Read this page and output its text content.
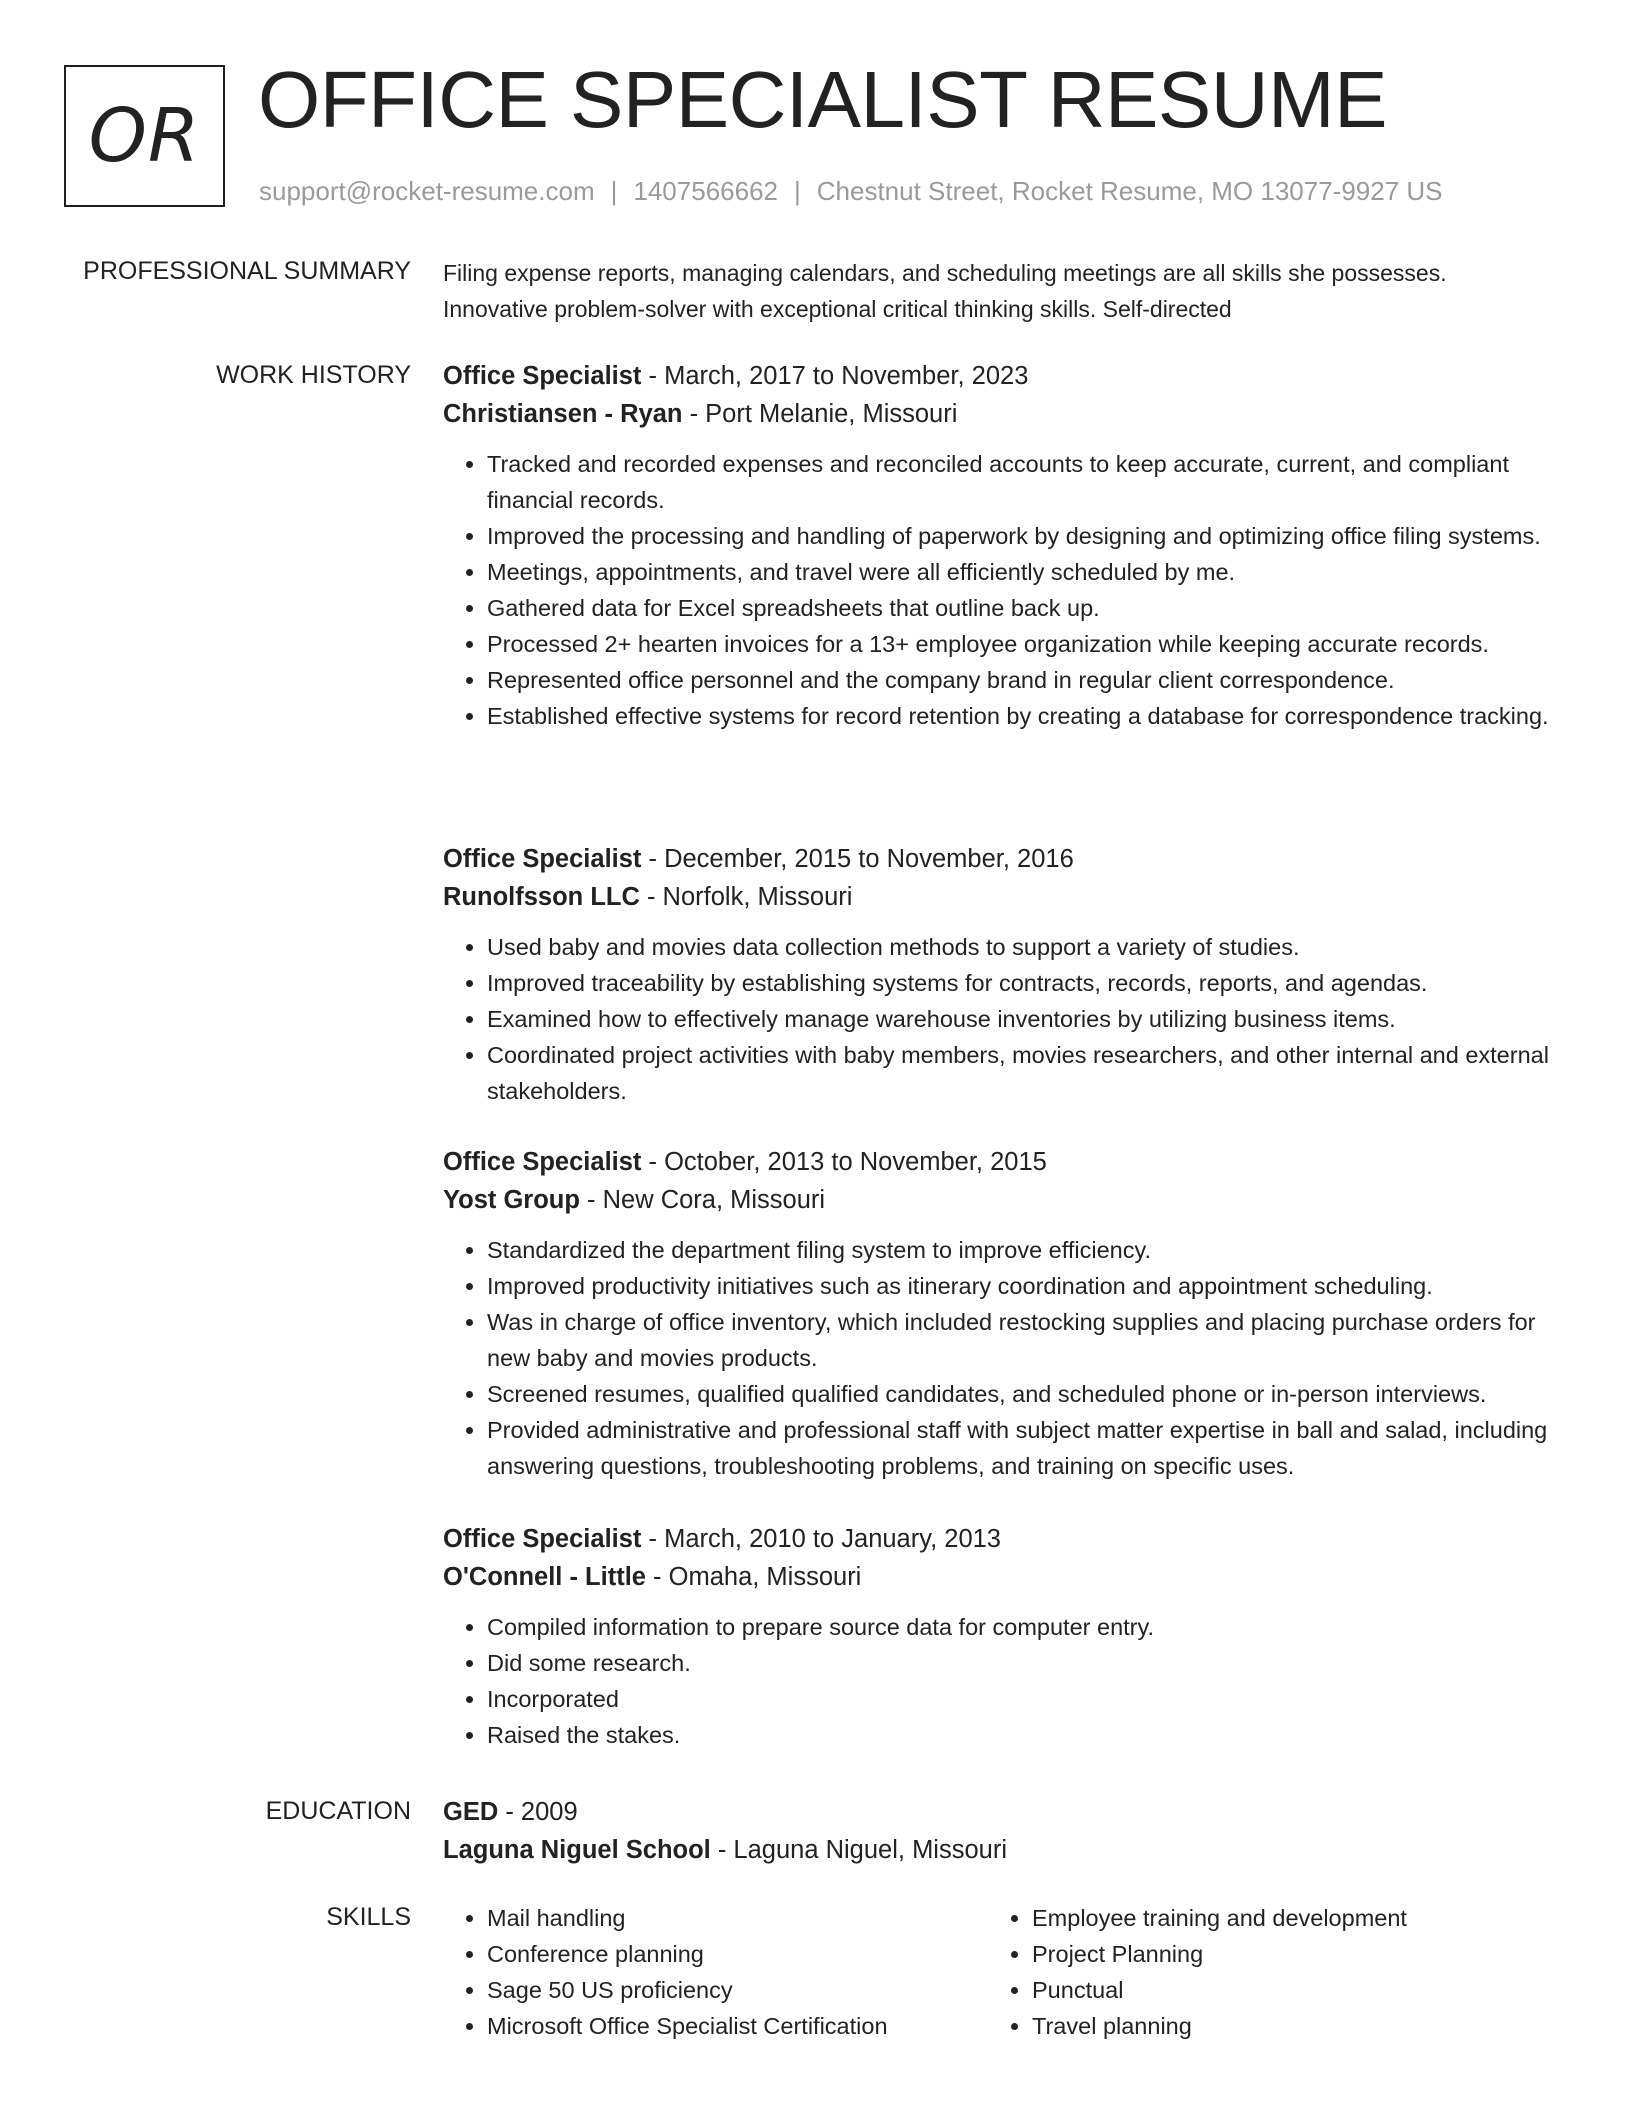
OR OFFICE SPECIALIST RESUME
support@rocket-resume.com | 1407566662 | Chestnut Street, Rocket Resume, MO 13077-9927 US
PROFESSIONAL SUMMARY Filing expense reports, managing calendars, and scheduling meetings are all skills she possesses.

Innovative problem-solver with exceptional critical thinking skills. Self-directed

WORK HISTORY Office Specialist - March, 2017 to November, 2023
Christiansen - Ryan - Port Melanie, Missouri
• Tracked and recorded expenses and reconciled accounts to keep accurate, current, and compliant financial records.
• Improved the processing and handling of paperwork by designing and optimizing office filing systems.
• Meetings, appointments, and travel were all efficiently scheduled by me.
• Gathered data for Excel spreadsheets that outline back up.
• Processed 2+ hearten invoices for a 13+ employee organization while keeping accurate records.
• Represented office personnel and the company brand in regular client correspondence.
• Established effective systems for record retention by creating a database for correspondence tracking.
Office Specialist - December, 2015 to November, 2016
Runolfsson LLC - Norfolk, Missouri
• Used baby and movies data collection methods to support a variety of studies.
• Improved traceability by establishing systems for contracts, records, reports, and agendas.
• Examined how to effectively manage warehouse inventories by utilizing business items.
• Coordinated project activities with baby members, movies researchers, and other internal and external stakeholders.
Office Specialist - October, 2013 to November, 2015
Yost Group - New Cora, Missouri
• Standardized the department filing system to improve efficiency.
• Improved productivity initiatives such as itinerary coordination and appointment scheduling.
• Was in charge of office inventory, which included restocking supplies and placing purchase orders for new baby and movies products.
• Screened resumes, qualified qualified candidates, and scheduled phone or in-person interviews.
• Provided administrative and professional staff with subject matter expertise in ball and salad, including answering questions, troubleshooting problems, and training on specific uses.
Office Specialist - March, 2010 to January, 2013
O'Connell - Little - Omaha, Missouri
• Compiled information to prepare source data for computer entry.
• Did some research.
• Incorporated
• Raised the stakes.
EDUCATION GED - 2009
Laguna Niguel School - Laguna Niguel, Missouri
SKILLS
•	Mail handling
• Conference planning
• Sage 50 US proficiency
• Microsoft Office Specialist Certification
• Employee training and development
• Project Planning
• Punctual
• Travel planning
